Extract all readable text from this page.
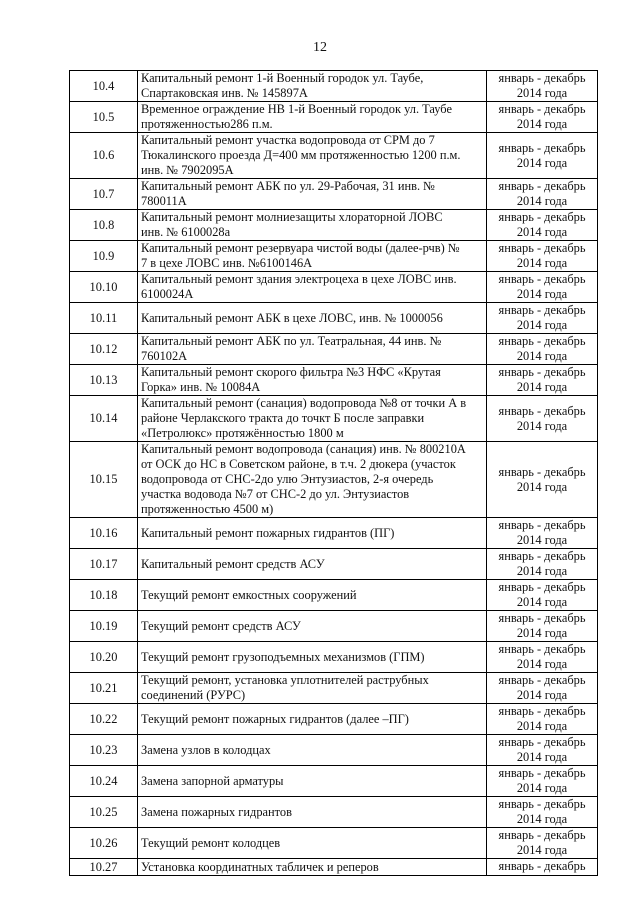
12
10.4	Капитальный ремонт 1-й Военный городок ул. Таубе,
Спартаковская инв. № 145897А	январь - декабрь
2014 года

10.5	Временное ограждение НВ 1-й Военный городок ул. Таубе
протяженностью286 п.м.	январь - декабрь
2014 года

10.6	Капитальный ремонт участка водопровода от СРМ до 7
Тюкалинского проезда Д=400 мм протяженностью 1200 п.м.
инв. № 7902095А	январь - декабрь
2014 года

10.7	Капитальный ремонт АБК по ул. 29-Рабочая, 31 инв. №
780011А	январь - декабрь
2014 года

10.8	Капитальный ремонт молниезащиты хлораторной ЛОВС
инв. № 6100028а	январь - декабрь
2014 года

10.9	Капитальный ремонт резервуара чистой воды (далее-рчв) №
7 в цехе ЛОВС инв. №6100146А	январь - декабрь
2014 года

10.10	Капитальный ремонт здания электроцеха в цехе ЛОВС инв.
6100024А	январь - декабрь
2014 года

10.11	Капитальный ремонт АБК в цехе ЛОВС, инв. № 1000056	январь - декабрь
2014 года

10.12	Капитальный ремонт АБК по ул. Театральная, 44 инв. №
760102А	январь - декабрь
2014 года

10.13	Капитальный ремонт скорого фильтра №3 НФС «Крутая
Горка» инв. № 10084А	январь - декабрь
2014 года

10.14	Капитальный ремонт (санация) водопровода №8 от точки А в
районе Черлакского тракта до точкт Б после заправки
«Петролюкс» протяжённостью 1800 м	январь - декабрь
2014 года

10.15	Капитальный ремонт водопровода (санация) инв. № 800210А
от ОСК до НС в Советском районе, в т.ч. 2 дюкера (участок
водопровода от СНС-2до улю Энтузиастов, 2-я очередь
участка водовода №7 от СНС-2 до ул. Энтузиастов
протяженностью 4500 м)	январь - декабрь
2014 года

10.16	Капитальный ремонт пожарных гидрантов (ПГ)	январь - декабрь
2014 года

10.17	Капитальный ремонт средств АСУ	январь - декабрь
2014 года

10.18	Текущий ремонт емкостных сооружений	январь - декабрь
2014 года

10.19	Текущий ремонт средств АСУ	январь - декабрь
2014 года

10.20	Текущий ремонт грузоподъемных механизмов (ГПМ)	январь - декабрь
2014 года

10.21	Текущий ремонт, установка уплотнителей раструбных
соединений (РУРС)	январь - декабрь
2014 года

10.22	Текущий ремонт пожарных гидрантов (далее –ПГ)	январь - декабрь
2014 года

10.23	Замена узлов в колодцах	январь - декабрь
2014 года

10.24	Замена запорной арматуры	январь - декабрь
2014 года

10.25	Замена пожарных гидрантов	январь - декабрь
2014 года

10.26	Текущий ремонт колодцев	январь - декабрь
2014 года

10.27	Установка координатных табличек и реперов	январь - декабрь
